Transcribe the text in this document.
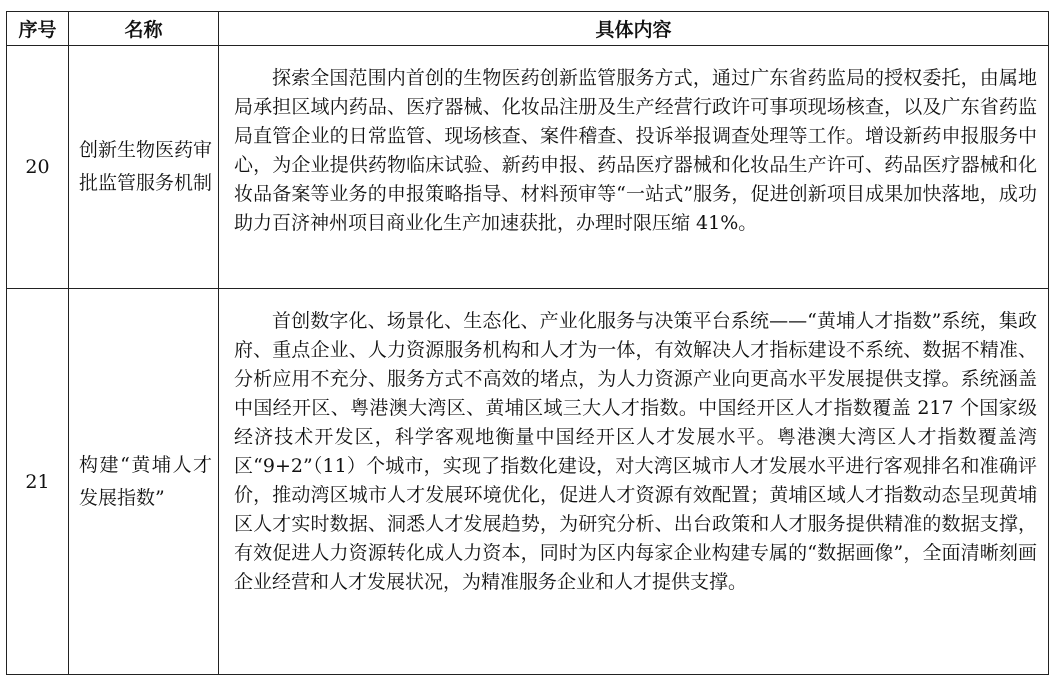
序号	名称	具体内容
20	创新生物医药审批监管服务机制	探索全国范围内首创的生物医药创新监管服务方式，通过广东省药监局的授权委托，由属地局承担区域内药品、医疗器械、化妆品注册及生产经营行政许可事项现场核查，以及广东省药监局直管企业的日常监管、现场核查、案件稽查、投诉举报调查处理等工作。增设新药申报服务中心，为企业提供药物临床试验、新药申报、药品医疗器械和化妆品生产许可、药品医疗器械和化妆品备案等业务的申报策略指导、材料预审等“一站式”服务，促进创新项目成果加快落地，成功助力百济神州项目商业化生产加速获批，办理时限压缩 41%。

21	构建“黄埔人才发展指数”	首创数字化、场景化、生态化、产业化服务与决策平台系统——“黄埔人才指数”系统，集政府、重点企业、人力资源服务机构和人才为一体，有效解决人才指标建设不系统、数据不精准、分析应用不充分、服务方式不高效的堵点，为人力资源产业向更高水平发展提供支撑。系统涵盖中国经开区、粤港澳大湾区、黄埔区域三大人才指数。中国经开区人才指数覆盖 217 个国家级经济技术开发区，科学客观地衡量中国经开区人才发展水平。粤港澳大湾区人才指数覆盖湾区“9+2”（11）个城市，实现了指数化建设，对大湾区城市人才发展水平进行客观排名和准确评价，推动湾区城市人才发展环境优化，促进人才资源有效配置；黄埔区域人才指数动态呈现黄埔区人才实时数据、洞悉人才发展趋势，为研究分析、出台政策和人才服务提供精准的数据支撑，有效促进人力资源转化成人力资本，同时为区内每家企业构建专属的“数据画像”，全面清晰刻画企业经营和人才发展状况，为精准服务企业和人才提供支撑。
